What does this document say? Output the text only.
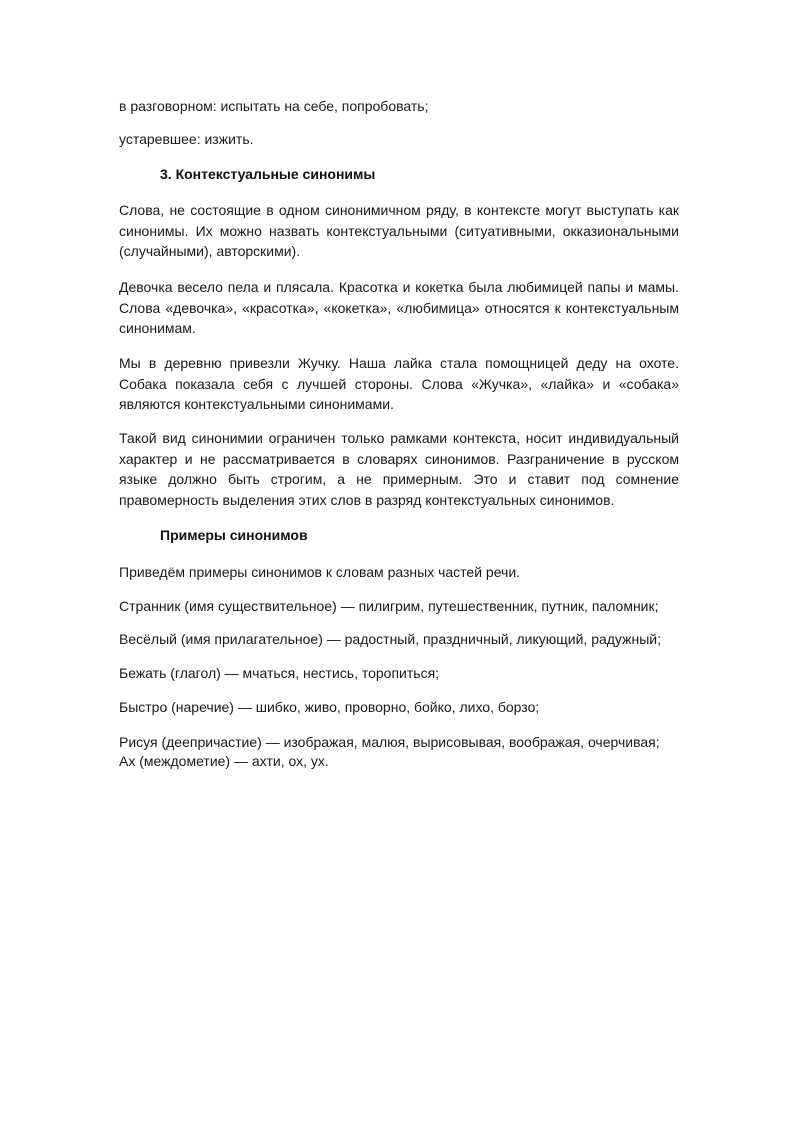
в разговорном: испытать на себе, попробовать;
устаревшее: изжить.
3. Контекстуальные синонимы
Слова, не состоящие в одном синонимичном ряду, в контексте могут выступать как синонимы. Их можно назвать контекстуальными (ситуативными, окказиональными (случайными), авторскими).
Девочка весело пела и плясала. Красотка и кокетка была любимицей папы и мамы. Слова «девочка», «красотка», «кокетка», «любимица» относятся к контекстуальным синонимам.
Мы в деревню привезли Жучку. Наша лайка стала помощницей деду на охоте. Собака показала себя с лучшей стороны. Слова «Жучка», «лайка» и «собака» являются контекстуальными синонимами.
Такой вид синонимии ограничен только рамками контекста, носит индивидуальный характер и не рассматривается в словарях синонимов. Разграничение в русском языке должно быть строгим, а не примерным. Это и ставит под сомнение правомерность выделения этих слов в разряд контекстуальных синонимов.
Примеры синонимов
Приведём примеры синонимов к словам разных частей речи.
Странник (имя существительное) — пилигрим, путешественник, путник, паломник;
Весёлый (имя прилагательное) — радостный, праздничный, ликующий, радужный;
Бежать (глагол) — мчаться, нестись, торопиться;
Быстро (наречие) — шибко, живо, проворно, бойко, лихо, борзо;
Рисуя (деепричастие) — изображая, малюя, вырисовывая, воображая, очерчивая;
Ах (междометие) — ахти, ох, ух.
